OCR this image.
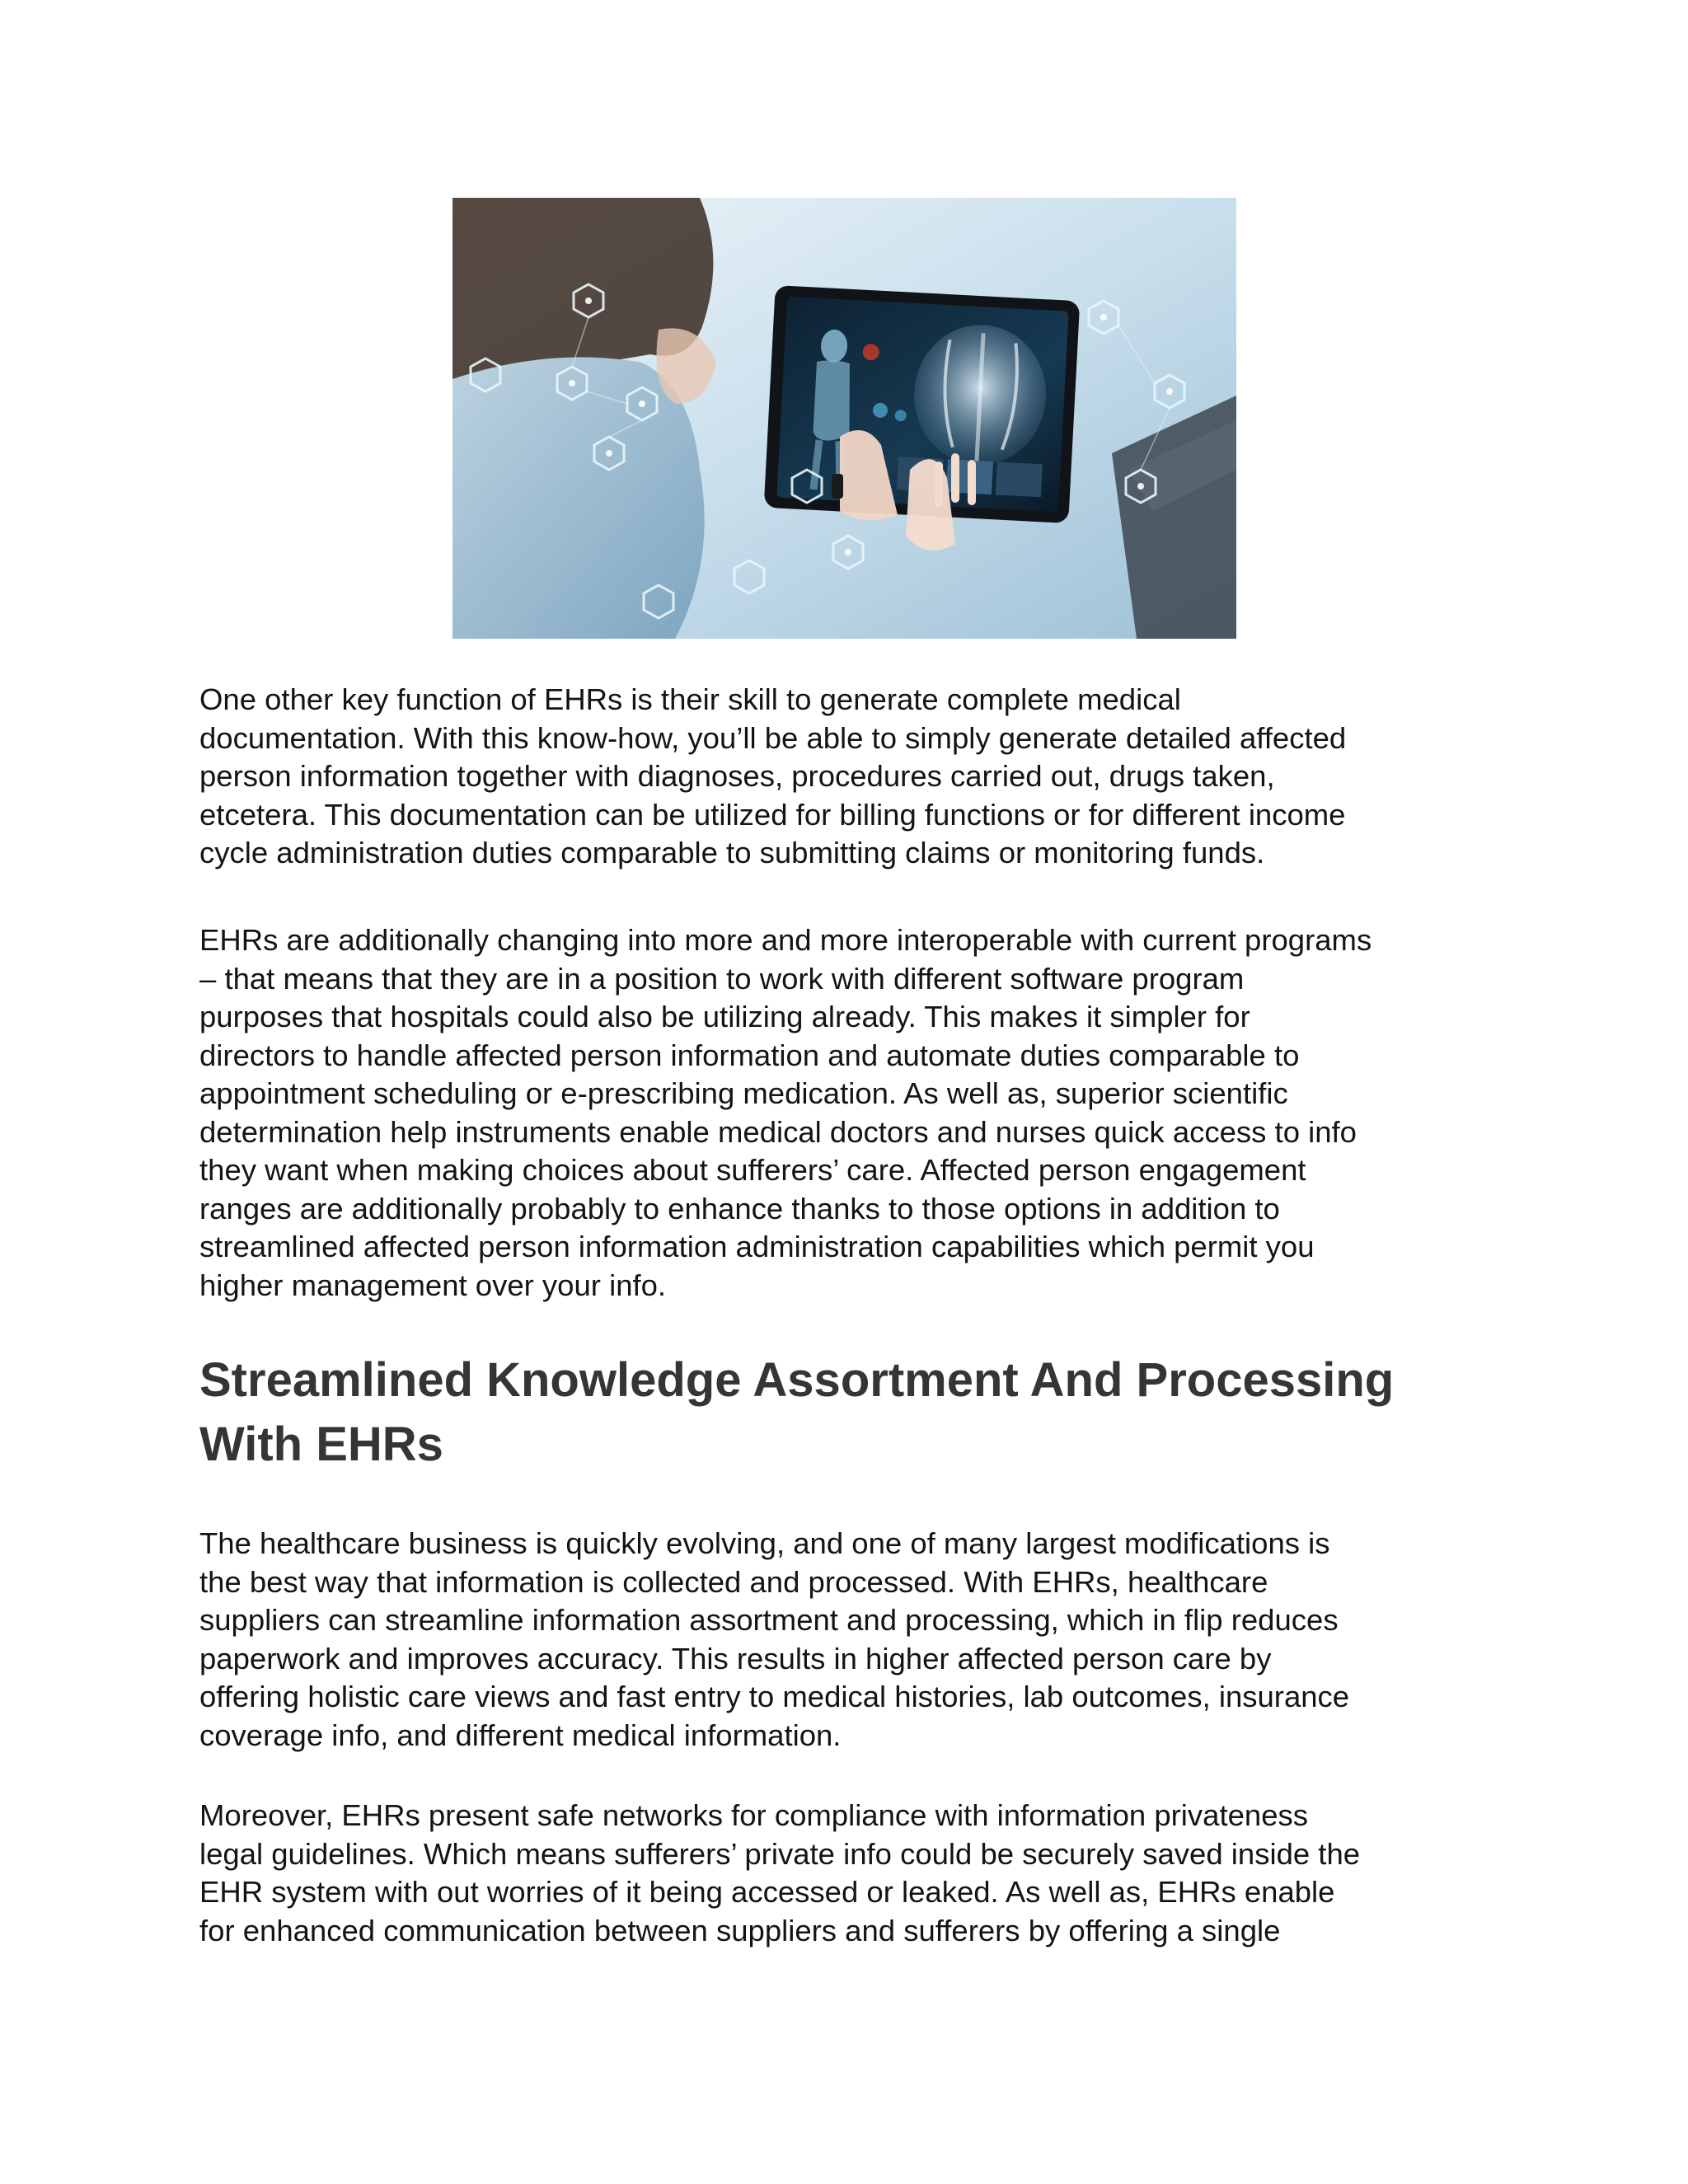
One other key function of EHRs is their skill to generate complete medical
documentation. With this know-how, you’ll be able to simply generate detailed affected
person information together with diagnoses, procedures carried out, drugs taken,
etcetera. This documentation can be utilized for billing functions or for different income
cycle administration duties comparable to submitting claims or monitoring funds.

EHRs are additionally changing into more and more interoperable with current programs
– that means that they are in a position to work with different software program
purposes that hospitals could also be utilizing already. This makes it simpler for
directors to handle affected person information and automate duties comparable to
appointment scheduling or e-prescribing medication. As well as, superior scientific
determination help instruments enable medical doctors and nurses quick access to info
they want when making choices about sufferers’ care. Affected person engagement
ranges are additionally probably to enhance thanks to those options in addition to
streamlined affected person information administration capabilities which permit you
higher management over your info.

Streamlined Knowledge Assortment And Processing
With EHRs

The healthcare business is quickly evolving, and one of many largest modifications is
the best way that information is collected and processed. With EHRs, healthcare
suppliers can streamline information assortment and processing, which in flip reduces
paperwork and improves accuracy. This results in higher affected person care by
offering holistic care views and fast entry to medical histories, lab outcomes, insurance
coverage info, and different medical information.

Moreover, EHRs present safe networks for compliance with information privateness
legal guidelines. Which means sufferers’ private info could be securely saved inside the
EHR system with out worries of it being accessed or leaked. As well as, EHRs enable
for enhanced communication between suppliers and sufferers by offering a single
